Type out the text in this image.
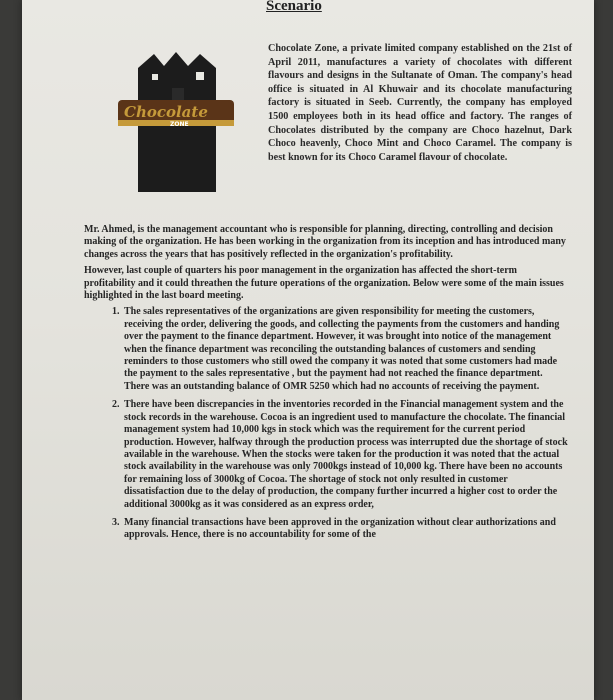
Scenario
Chocolate
ZONE

Chocolate Zone, a private limited company established on the 21st of April 2011, manufactures a variety of chocolates with different flavours and designs in the Sultanate of Oman. The company's head office is situated in Al Khuwair and its chocolate manufacturing factory is situated in Seeb. Currently, the company has employed 1500 employees both in its head office and factory. The ranges of Chocolates distributed by the company are Choco hazelnut, Dark Choco heavenly, Choco Mint and Choco Caramel. The company is best known for its Choco Caramel flavour of chocolate.

Mr. Ahmed, is the management accountant who is responsible for planning, directing, controlling and decision making of the organization. He has been working in the organization from its inception and has introduced many changes across the years that has positively reflected in the organization's profitability.

However, last couple of quarters his poor management in the organization has affected the short-term profitability and it could threathen the future operations of the organization. Below were some of the main issues highlighted in the last board meeting.

1. The sales representatives of the organizations are given responsibility for meeting the customers, receiving the order, delivering the goods, and collecting the payments from the customers and handing over the payment to the finance department. However, it was brought into notice of the management when the finance department was reconciling the outstanding balances of customers and sending reminders to those customers who still owed the company it was noted that some customers had made the payment to the sales representative , but the payment had not reached the finance department. There was an outstanding balance of OMR 5250 which had no accounts of receiving the payment.
2. There have been discrepancies in the inventories recorded in the Financial management system and the stock records in the warehouse. Cocoa is an ingredient used to manufacture the chocolate. The financial management system had 10,000 kgs in stock which was the requirement for the current period production. However, halfway through the production process was interrupted due the shortage of stock available in the warehouse. When the stocks were taken for the production it was noted that the actual stock availability in the warehouse was only 7000kgs instead of 10,000 kg. There have been no accounts for remaining loss of 3000kg of Cocoa. The shortage of stock not only resulted in customer dissatisfaction due to the delay of production, the company further incurred a higher cost to order the additional 3000kg as it was considered as an express order,
3. Many financial transactions have been approved in the organization without clear authorizations and approvals. Hence, there is no accountability for some of the
